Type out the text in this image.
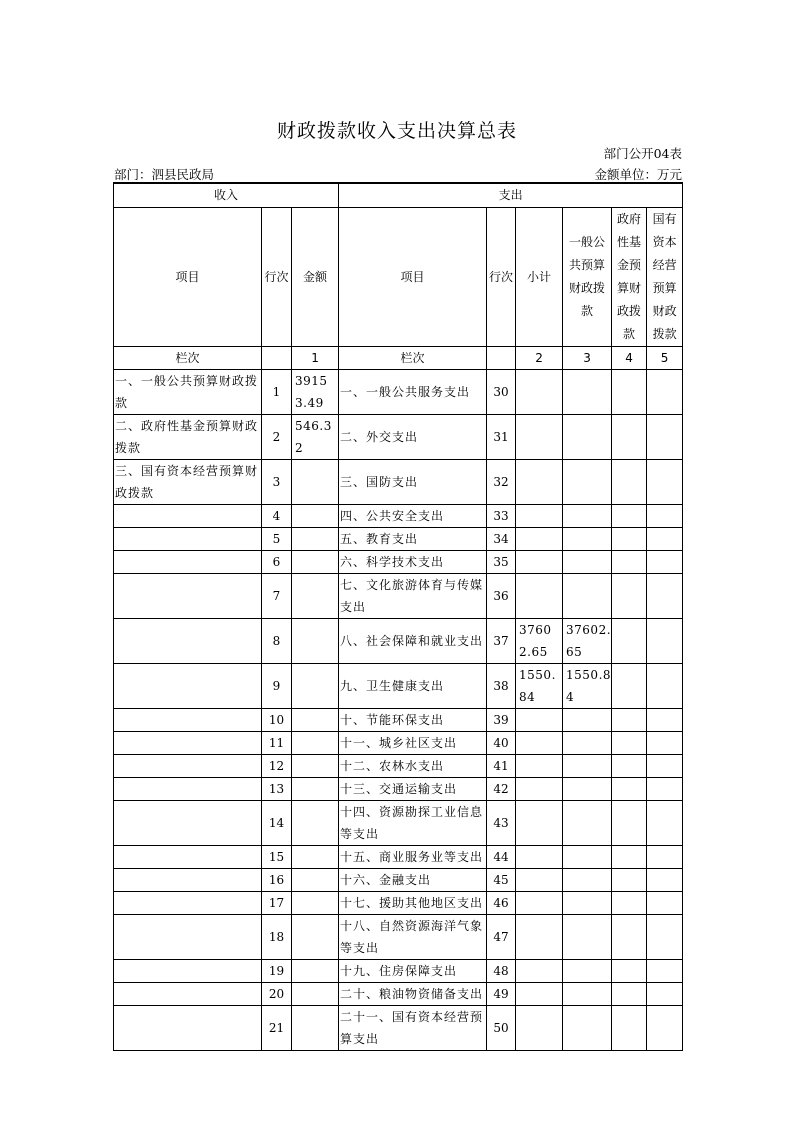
财政拨款收入支出决算总表
部门公开04表
部门：泗县民政局	金额单位：万元
收入			支出					
项目	行次	金额	项目	行次	小计	一般公共预算财政拨款	政府性基金预算财政拨款	国有资本经营预算财政拨款
栏次		1	栏次		2	3	4	5
一、一般公共预算财政拨款	1	39153.49	一、一般公共服务支出	30				
二、政府性基金预算财政拨款	2	546.32	二、外交支出	31				
三、国有资本经营预算财政拨款	3		三、国防支出	32				
	4		四、公共安全支出	33				
	5		五、教育支出	34				
	6		六、科学技术支出	35				
	7		七、文化旅游体育与传媒支出	36				
	8		八、社会保障和就业支出	37	37602.65	37602.65		
	9		九、卫生健康支出	38	1550.84	1550.84		
	10		十、节能环保支出	39				
	11		十一、城乡社区支出	40				
	12		十二、农林水支出	41				
	13		十三、交通运输支出	42				
	14		十四、资源勘探工业信息等支出	43				
	15		十五、商业服务业等支出	44				
	16		十六、金融支出	45				
	17		十七、援助其他地区支出	46				
	18		十八、自然资源海洋气象等支出	47				
	19		十九、住房保障支出	48				
	20		二十、粮油物资储备支出	49				
	21		二十一、国有资本经营预算支出	50				
